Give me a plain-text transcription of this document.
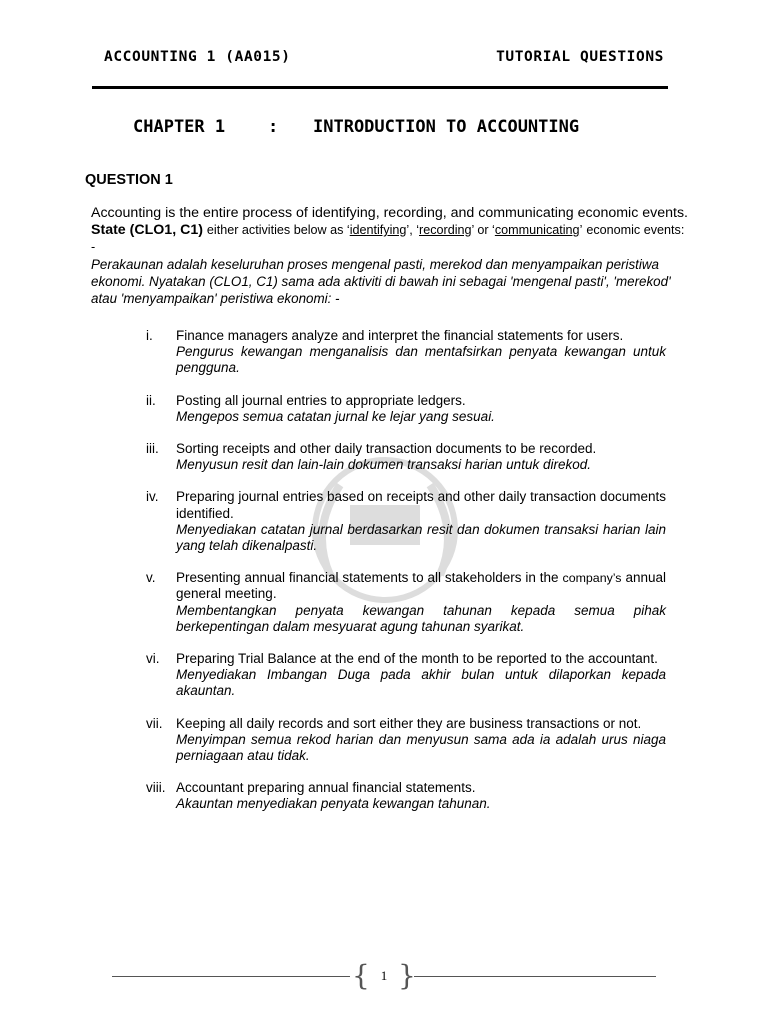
ACCOUNTING 1 (AA015)	TUTORIAL QUESTIONS
CHAPTER 1	: INTRODUCTION TO ACCOUNTING
QUESTION 1
Accounting is the entire process of identifying, recording, and communicating economic events. State (CLO1, C1) either activities below as ‘identifying’, ‘recording’ or ‘communicating’ economic events: -
Perakaunan adalah keseluruhan proses mengenal pasti, merekod dan menyampaikan peristiwa ekonomi. Nyatakan (CLO1, C1) sama ada aktiviti di bawah ini sebagai 'mengenal pasti', 'merekod' atau 'menyampaikan' peristiwa ekonomi: -
i. Finance managers analyze and interpret the financial statements for users.
Pengurus kewangan menganalisis dan mentafsirkan penyata kewangan untuk pengguna.
ii. Posting all journal entries to appropriate ledgers.
Mengepos semua catatan jurnal ke lejar yang sesuai.
iii. Sorting receipts and other daily transaction documents to be recorded.
Menyusun resit dan lain-lain dokumen transaksi harian untuk direkod.
iv. Preparing journal entries based on receipts and other daily transaction documents identified.
Menyediakan catatan jurnal berdasarkan resit dan dokumen transaksi harian lain yang telah dikenalpasti.
v. Presenting annual financial statements to all stakeholders in the company’s annual general meeting.
Membentangkan penyata kewangan tahunan kepada semua pihak berkepentingan dalam mesyuarat agung tahunan syarikat.
vi. Preparing Trial Balance at the end of the month to be reported to the accountant.
Menyediakan Imbangan Duga pada akhir bulan untuk dilaporkan kepada akauntan.
vii. Keeping all daily records and sort either they are business transactions or not.
Menyimpan semua rekod harian dan menyusun sama ada ia adalah urus niaga perniagaan atau tidak.
viii. Accountant preparing annual financial statements.
Akauntan menyediakan penyata kewangan tahunan.
{ 1 }
